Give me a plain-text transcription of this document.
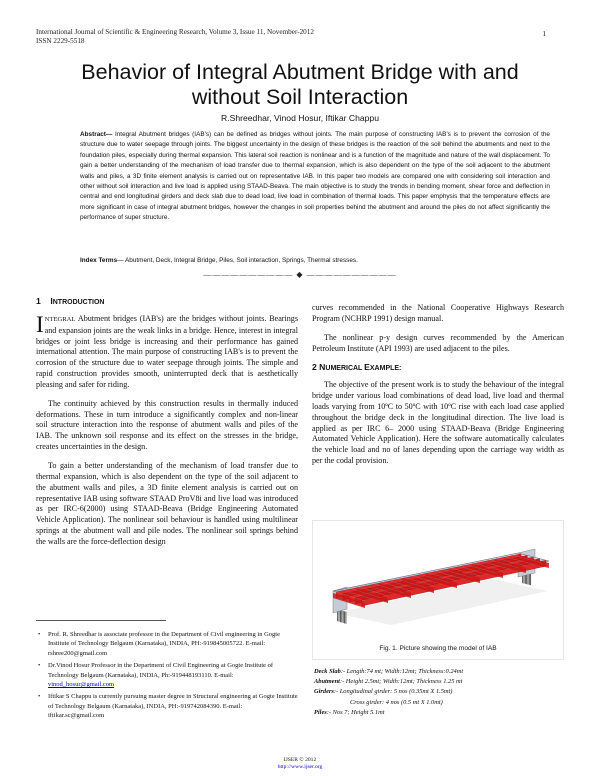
International Journal of Scientific & Engineering Research, Volume 3, Issue 11, November-2012
ISSN 2229-5518
1
Behavior of Integral Abutment Bridge with and
without Soil Interaction
R.Shreedhar, Vinod Hosur, Iftikar Chappu
Abstract— Integral Abutment bridges (IAB's) can be defined as bridges without joints. The main purpose of constructing IAB's is to prevent the corrosion of the structure due to water seepage through joints. The biggest uncertainty in the design of these bridges is the reaction of the soil behind the abutments and next to the foundation piles, especially during thermal expansion. This lateral soil reaction is nonlinear and is a function of the magnitude and nature of the wall displacement. To gain a better understanding of the mechanism of load transfer due to thermal expansion, which is also dependent on the type of the soil adjacent to the abutment walls and piles, a 3D finite element analysis is carried out on representative IAB. In this paper two models are compared one with considering soil interaction and other without soil interaction and live load is applied using STAAD-Beava. The main objective is to study the trends in bending moment, shear force and deflection in central and end longitudinal girders and deck slab due to dead load, live load in combination of thermal loads. This paper emphysis that the temperature effects are more significant in case of integral abutment bridges, however the changes in soil properties behind the abutment and around the piles do not affect significantly the performance of super structure.
Index Terms— Abutment, Deck, Integral Bridge, Piles, Soil interaction, Springs, Thermal stresses.
—————————— ◆ ——————————
1 INTRODUCTION
INTEGRAL Abutment bridges (IAB's) are the bridges without joints. Bearings and expansion joints are the weak links in a bridge. Hence, interest in integral bridges or joint less bridge is increasing and their performance has gained international attention. The main purpose of constructing IAB's is to prevent the corrosion of the structure due to water seepage through joints. The simple and rapid construction provides smooth, uninterrupted deck that is aesthetically pleasing and safer for riding.
The continuity achieved by this construction results in thermally induced deformations. These in turn introduce a significantly complex and non-linear soil structure interaction into the response of abutment walls and piles of the IAB. The unknown soil response and its effect on the stresses in the bridge, creates uncertainties in the design.
To gain a better understanding of the mechanism of load transfer due to thermal expansion, which is also dependent on the type of the soil adjacent to the abutment walls and piles, a 3D finite element analysis is carried out on representative IAB using software STAAD ProV8i and live load was introduced as per IRC-6(2000) using STAAD-Beava (Bridge Engineering Automated Vehicle Application). The nonlinear soil behaviour is handled using multilinear springs at the abutment wall and pile nodes. The nonlinear soil springs behind the walls are the force-deflection design
• Prof. R. Shreedhar is associate professor in the Department of Civil engineering in Gogte Institute of Technology Belgaum (Karnataka), INDIA, PH:-919845005722. E-mail: rshree200@gmail.com
• Dr.Vinod Hosur Professor in the Department of Civil Engineering at Gogte Institute of Technology Belgaum (Karnataka), INDIA, Ph:-919448193110. E-mail: vinod_hosur@gmail.com
• Iftikar S Chappu is currently pursuing master degree in Structural engineering at Gogte Institute of Technology Belgaum (Karnataka), INDIA, PH:-919742084390. E-mail: iftikar.sc@gmail.com
curves recommended in the National Cooperative Highways Research Program (NCHRP 1991) design manual.
The nonlinear p-y design curves recommended by the American Petroleum Institute (API 1993) are used adjacent to the piles.
2 NUMERICAL EXAMPLE:
The objective of the present work is to study the behaviour of the integral bridge under various load combinations of dead load, live load and thermal loads varying from 10ºC to 50ºC with 10ºC rise with each load case applied throughout the bridge deck in the longitudinal direction. The live load is applied as per IRC 6– 2000 using STAAD-Beava (Bridge Engineering Automated Vehicle Application). Here the software automatically calculates the vehicle load and no of lanes depending upon the carriage way width as per the codal provision.
Fig. 1. Picture showing the model of IAB
Deck Slab:- Length:74 mt; Width:12mt; Thickness:0.24mt
Abutment:- Height 2.5mt; Width:12mt; Thickness 1.25 mt
Girders:- Longitudinal girder: 5 nos (0.35mt X 1.5mt)
Cross girder: 4 nos (0.5 mt X 1.0mt)
Piles:- Nos 7; Height 5.1mt
IJSER © 2012
http://www.ijser.org
